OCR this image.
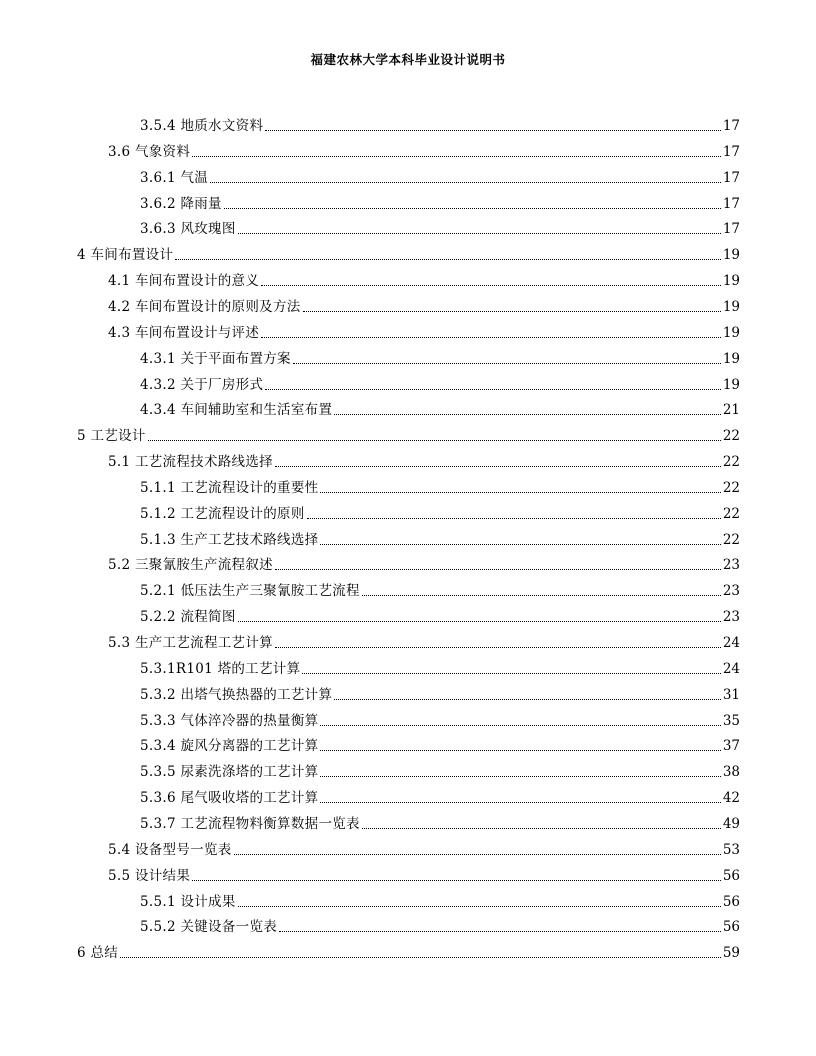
福建农林大学本科毕业设计说明书
3.5.4 地质水文资料	17
3.6 气象资料	17
3.6.1 气温	17
3.6.2 降雨量	17
3.6.3 风玫瑰图	17
4 车间布置设计	19
4.1 车间布置设计的意义	19
4.2 车间布置设计的原则及方法	19
4.3 车间布置设计与评述	19
4.3.1 关于平面布置方案	19
4.3.2 关于厂房形式	19
4.3.4 车间辅助室和生活室布置	21
5 工艺设计	22
5.1 工艺流程技术路线选择	22
5.1.1 工艺流程设计的重要性	22
5.1.2 工艺流程设计的原则	22
5.1.3 生产工艺技术路线选择	22
5.2 三聚氰胺生产流程叙述	23
5.2.1 低压法生产三聚氰胺工艺流程	23
5.2.2 流程简图	23
5.3 生产工艺流程工艺计算	24
5.3.1R101 塔的工艺计算	24
5.3.2 出塔气换热器的工艺计算	31
5.3.3 气体淬冷器的热量衡算	35
5.3.4 旋风分离器的工艺计算	37
5.3.5 尿素洗涤塔的工艺计算	38
5.3.6 尾气吸收塔的工艺计算	42
5.3.7 工艺流程物料衡算数据一览表	49
5.4 设备型号一览表	53
5.5 设计结果	56
5.5.1 设计成果	56
5.5.2 关键设备一览表	56
6 总结	59
